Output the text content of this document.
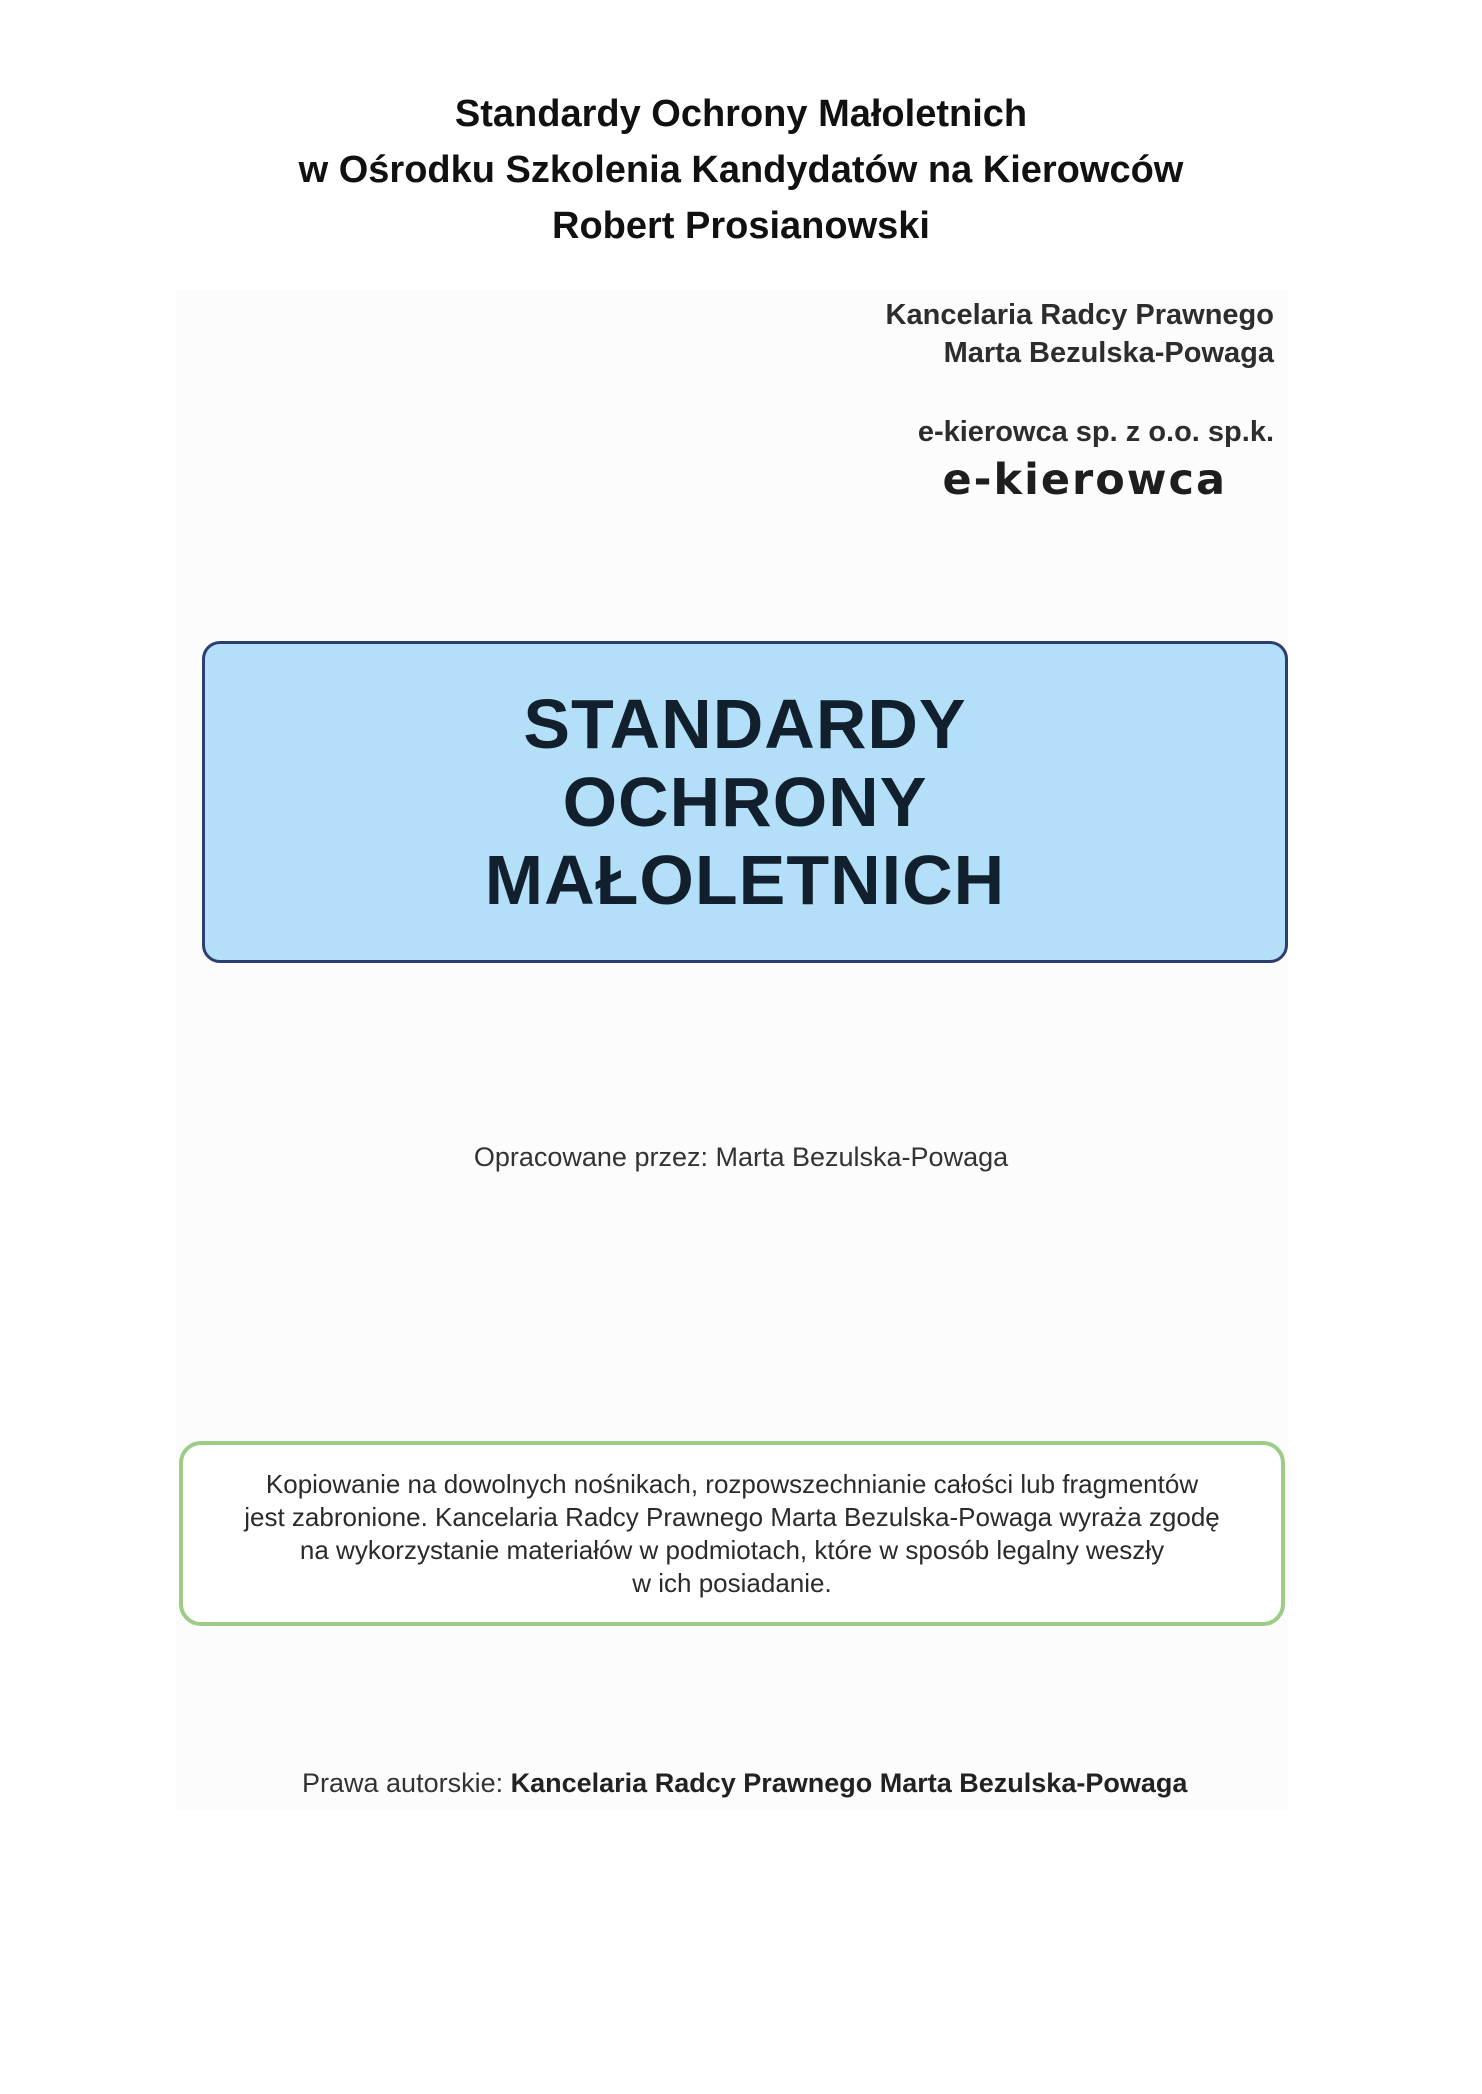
Standardy Ochrony Małoletnich
w Ośrodku Szkolenia Kandydatów na Kierowców
Robert Prosianowski
Kancelaria Radcy Prawnego
Marta Bezulska-Powaga
e-kierowca sp. z o.o. sp.k.
e-kierowca
STANDARDY
OCHRONY
MAŁOLETNICH
Opracowane przez: Marta Bezulska-Powaga
Kopiowanie na dowolnych nośnikach, rozpowszechnianie całości lub fragmentów
jest zabronione. Kancelaria Radcy Prawnego Marta Bezulska-Powaga wyraża zgodę
na wykorzystanie materiałów w podmiotach, które w sposób legalny weszły
w ich posiadanie.
Prawa autorskie: Kancelaria Radcy Prawnego Marta Bezulska-Powaga
